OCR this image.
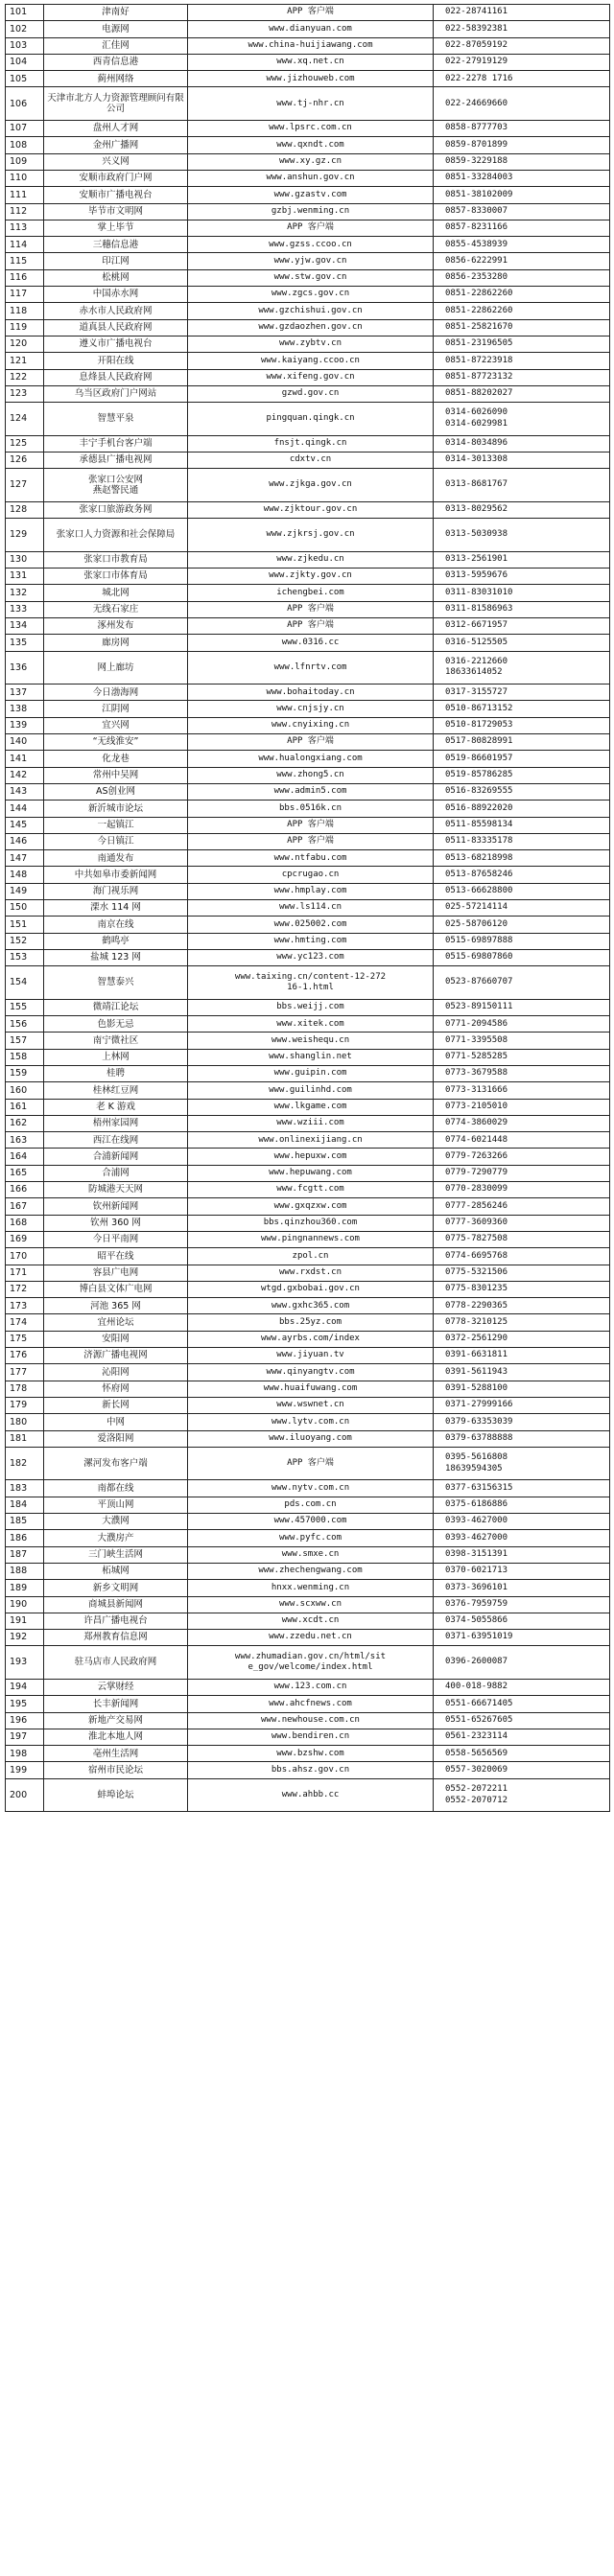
101	津南好	APP 客户端	022-28741161
102	电源网	www.dianyuan.com	022-58392381
103	汇佳网	www.china-huijiawang.com	022-87059192
104	西青信息港	www.xq.net.cn	022-27919129
105	蓟州网络	www.jizhouweb.com	022-2278 1716
106	天津市北方人力资源管理顾问有限公司	www.tj-nhr.cn	022-24669660
107	盘州人才网	www.lpsrc.com.cn	0858-8777703
108	金州广播网	www.qxndt.com	0859-8701899
109	兴义网	www.xy.gz.cn	0859-3229188
110	安顺市政府门户网	www.anshun.gov.cn	0851-33284003
111	安顺市广播电视台	www.gzastv.com	0851-38102009
112	毕节市文明网	gzbj.wenming.cn	0857-8330007
113	掌上毕节	APP 客户端	0857-8231166
114	三穗信息港	www.gzss.ccoo.cn	0855-4538939
115	印江网	www.yjw.gov.cn	0856-6222991
116	松桃网	www.stw.gov.cn	0856-2353280
117	中国赤水网	www.zgcs.gov.cn	0851-22862260
118	赤水市人民政府网	www.gzchishui.gov.cn	0851-22862260
119	道真县人民政府网	www.gzdaozhen.gov.cn	0851-25821670
120	遵义市广播电视台	www.zybtv.cn	0851-23196505
121	开阳在线	www.kaiyang.ccoo.cn	0851-87223918
122	息烽县人民政府网	www.xifeng.gov.cn	0851-87723132
123	乌当区政府门户网站	gzwd.gov.cn	0851-88202027
124	智慧平泉	pingquan.qingk.cn	0314-6026090
0314-6029981

125	丰宁手机台客户端	fnsjt.qingk.cn	0314-8034896
126	承德县广播电视网	cdxtv.cn	0314-3013308
127	张家口公安网
燕赵警民通	www.zjkga.gov.cn	0313-8681767
128	张家口旅游政务网	www.zjktour.gov.cn	0313-8029562
129	张家口人力资源和社会保障局	www.zjkrsj.gov.cn	0313-5030938
130	张家口市教育局	www.zjkedu.cn	0313-2561901
131	张家口市体育局	www.zjkty.gov.cn	0313-5959676
132	城北网	ichengbei.com	0311-83031010
133	无线石家庄	APP 客户端	0311-81586963
134	涿州发布	APP 客户端	0312-6671957
135	廊房网	www.0316.cc	0316-5125505
136	网上廊坊	www.lfnrtv.com	0316-2212660
18633614052

137	今日渤海网	www.bohaitoday.cn	0317-3155727
138	江阴网	www.cnjsjy.cn	0510-86713152
139	宜兴网	www.cnyixing.cn	0510-81729053
140	“无线淮安”	APP 客户端	0517-80828991
141	化龙巷	www.hualongxiang.com	0519-86601957
142	常州中吴网	www.zhong5.cn	0519-85786285
143	AS创业网	www.admin5.com	0516-83269555
144	新沂城市论坛	bbs.0516k.cn	0516-88922020
145	一起镇江	APP 客户端	0511-85598134
146	今日镇江	APP 客户端	0511-83335178
147	南通发布	www.ntfabu.com	0513-68218998
148	中共如皋市委新闻网	cpcrugao.cn	0513-87658246
149	海门视乐网	www.hmplay.com	0513-66628800
150	溧水 114 网	www.ls114.cn	025-57214114
151	南京在线	www.025002.com	025-58706120
152	鹤鸣亭	www.hmting.com	0515-69897888
153	盐城 123 网	www.yc123.com	0515-69807860
154	智慧泰兴	www.taixing.cn/content-12-272
16-1.html	0523-87660707
155	微靖江论坛	bbs.weijj.com	0523-89150111
156	色影无忌	www.xitek.com	0771-2094586
157	南宁微社区	www.weishequ.cn	0771-3395508
158	上林网	www.shanglin.net	0771-5285285
159	桂聘	www.guipin.com	0773-3679588
160	桂林红豆网	www.guilinhd.com	0773-3131666
161	老 K 游戏	www.lkgame.com	0773-2105010
162	梧州家园网	www.wziii.com	0774-3860029
163	西江在线网	www.onlinexijiang.cn	0774-6021448
164	合浦新闻网	www.hepuxw.com	0779-7263266
165	合浦网	www.hepuwang.com	0779-7290779
166	防城港天天网	www.fcgtt.com	0770-2830099
167	钦州新闻网	www.gxqzxw.com	0777-2856246
168	钦州 360 网	bbs.qinzhou360.com	0777-3609360
169	今日平南网	www.pingnannews.com	0775-7827508
170	昭平在线	zpol.cn	0774-6695768
171	容县广电网	www.rxdst.cn	0775-5321506
172	博白县文体广电网	wtgd.gxbobai.gov.cn	0775-8301235
173	河池 365 网	www.gxhc365.com	0778-2290365
174	宜州论坛	bbs.25yz.com	0778-3210125
175	安阳网	www.ayrbs.com/index	0372-2561290
176	济源广播电视网	www.jiyuan.tv	0391-6631811
177	沁阳网	www.qinyangtv.com	0391-5611943
178	怀府网	www.huaifuwang.com	0391-5288100
179	新长网	www.wswnet.cn	0371-27999166
180	中网	www.lytv.com.cn	0379-63353039
181	爱洛阳网	www.iluoyang.com	0379-63788888
182	漯河发布客户端	APP 客户端	0395-5616808
18639594305

183	南都在线	www.nytv.com.cn	0377-63156315
184	平顶山网	pds.com.cn	0375-6186886
185	大濮网	www.457000.com	0393-4627000
186	大濮房产	www.pyfc.com	0393-4627000
187	三门峡生活网	www.smxe.cn	0398-3151391
188	柘城网	www.zhechengwang.com	0370-6021713
189	新乡文明网	hnxx.wenming.cn	0373-3696101
190	商城县新闻网	www.scxww.cn	0376-7959759
191	许昌广播电视台	www.xcdt.cn	0374-5055866
192	郑州教育信息网	www.zzedu.net.cn	0371-63951019
193	驻马店市人民政府网	www.zhumadian.gov.cn/html/sit
e_gov/welcome/index.html	0396-2600087
194	云掌财经	www.123.com.cn	400-018-9882
195	长丰新闻网	www.ahcfnews.com	0551-66671405
196	新地产交易网	www.newhouse.com.cn	0551-65267605
197	淮北本地人网	www.bendiren.cn	0561-2323114
198	亳州生活网	www.bzshw.com	0558-5656569
199	宿州市民论坛	bbs.ahsz.gov.cn	0557-3020069
200	蚌埠论坛	www.ahbb.cc	0552-2072211
0552-2070712
